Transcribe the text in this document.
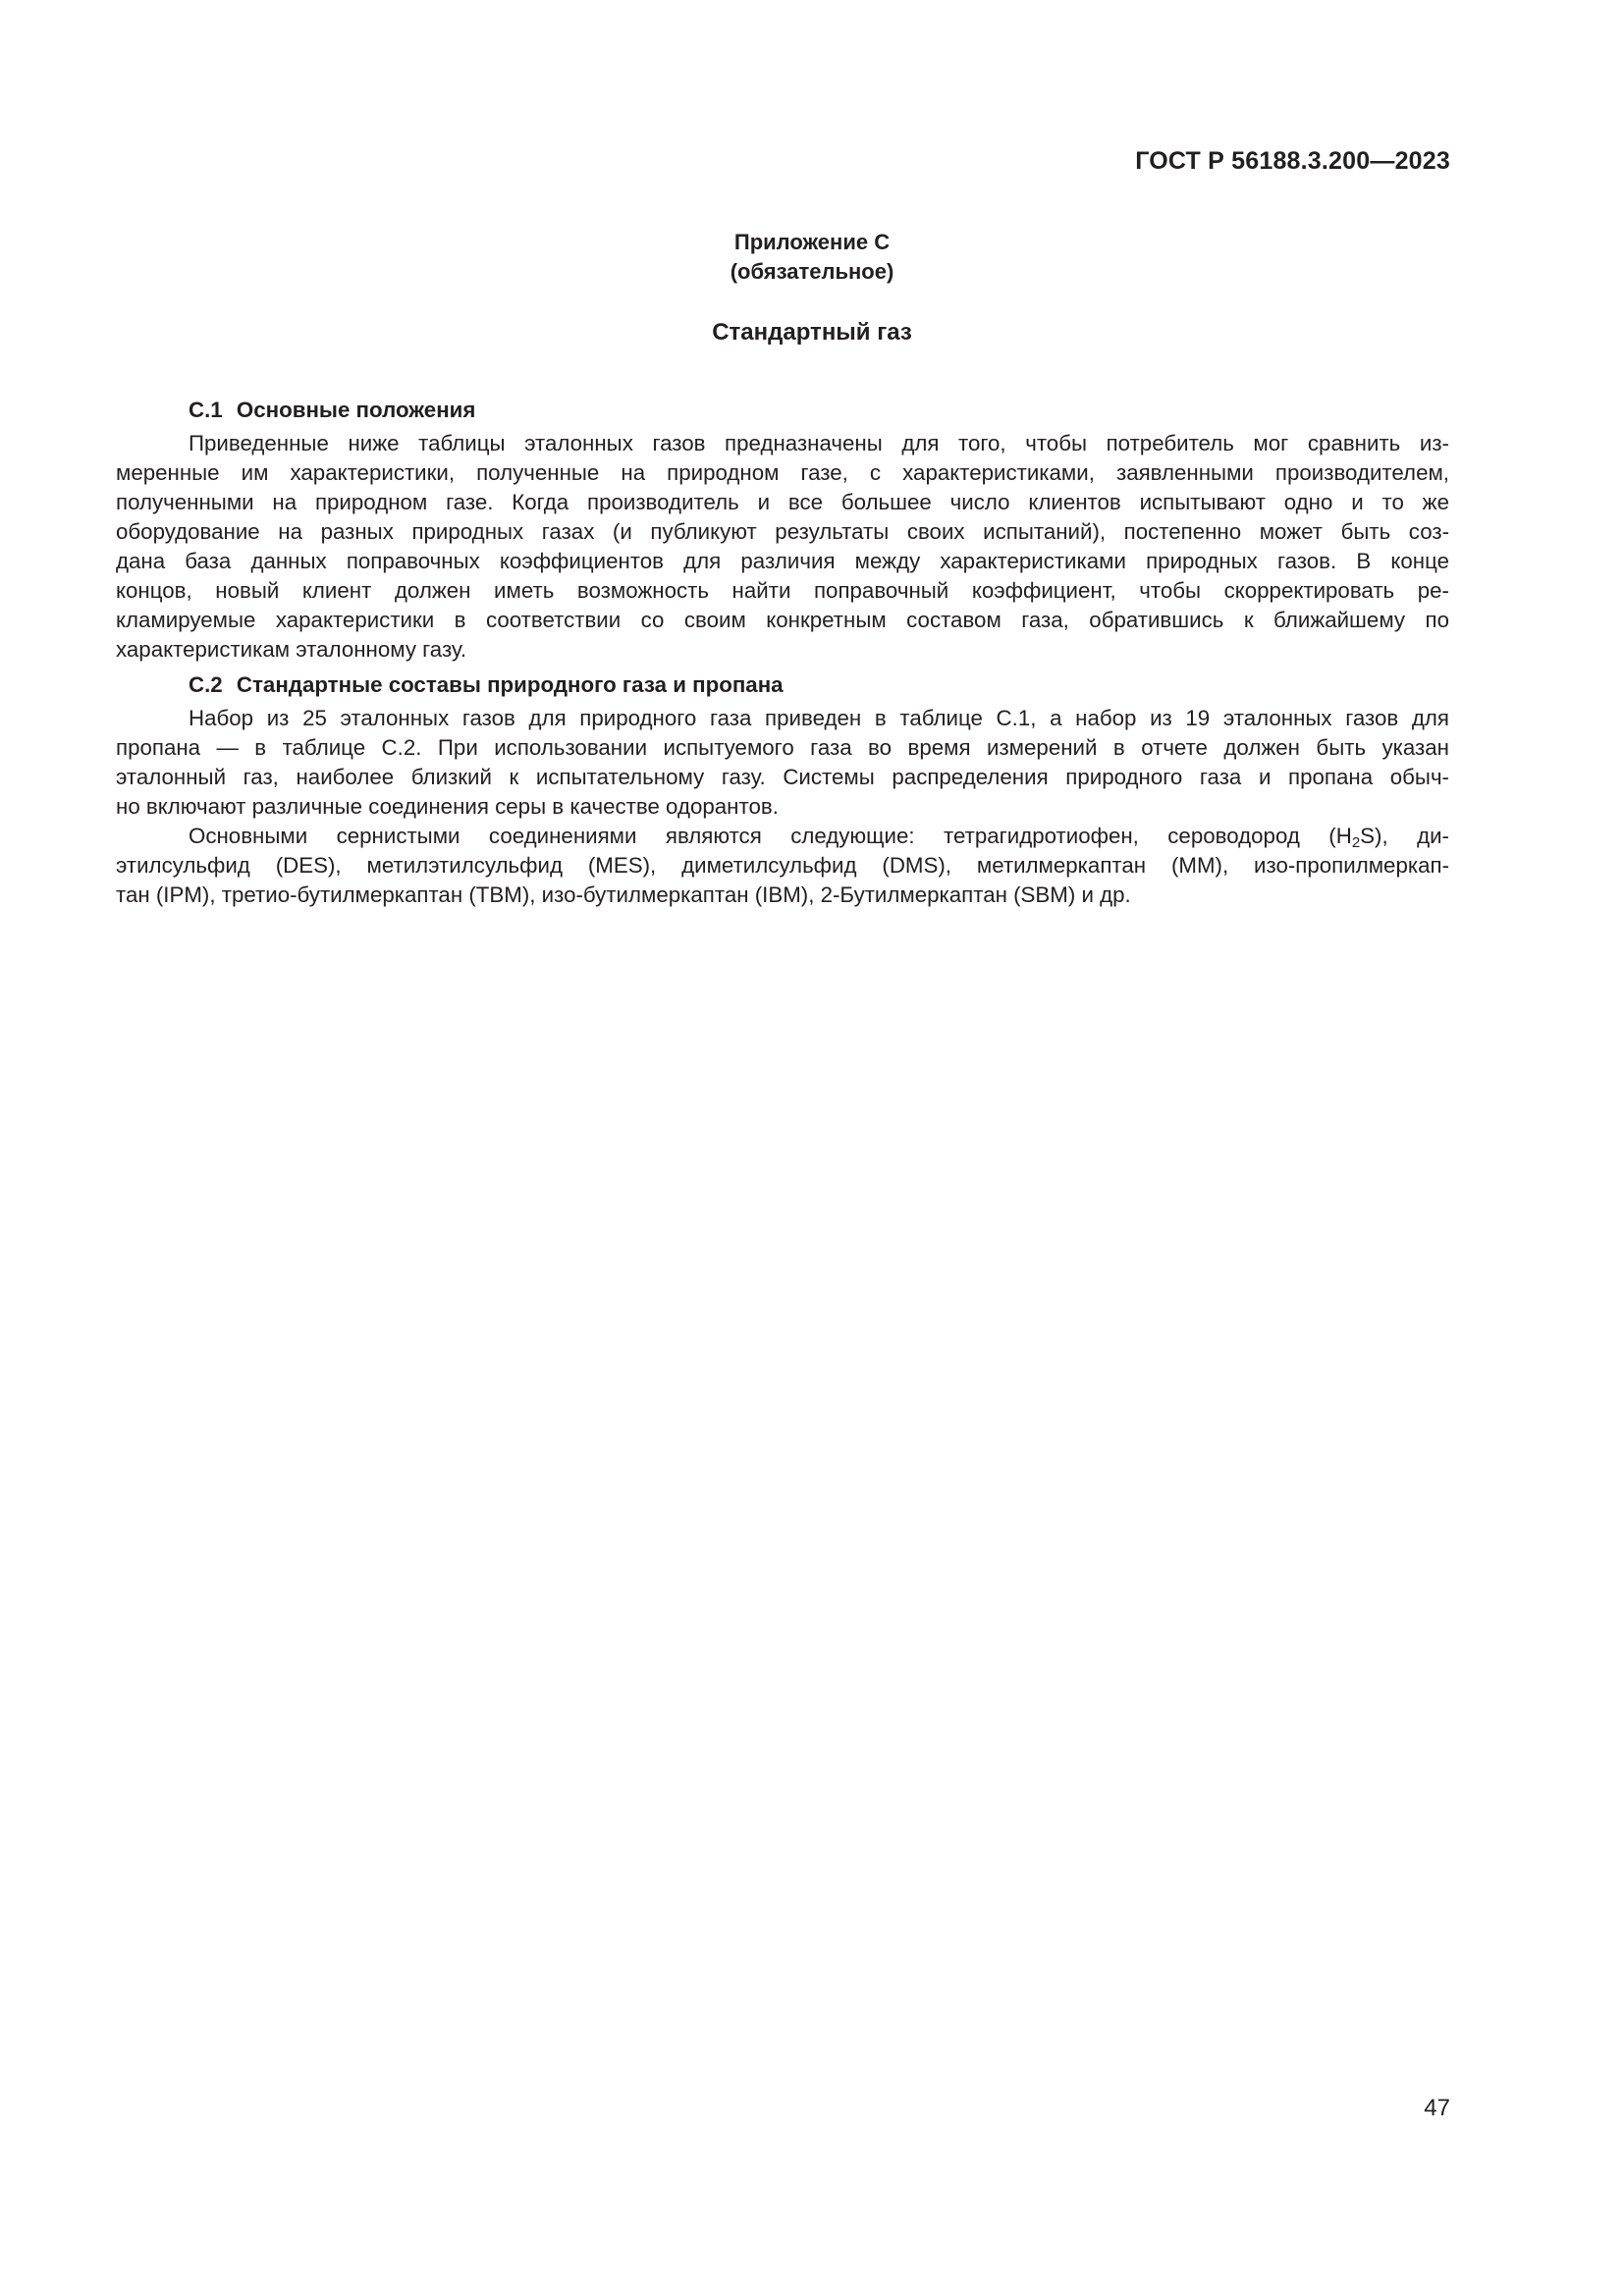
ГОСТ Р 56188.3.200—2023
Приложение С
(обязательное)
Стандартный газ
С.1 Основные положения
Приведенные ниже таблицы эталонных газов предназначены для того, чтобы потребитель мог сравнить из-
меренные им характеристики, полученные на природном газе, с характеристиками, заявленными производителем,
полученными на природном газе. Когда производитель и все большее число клиентов испытывают одно и то же
оборудование на разных природных газах (и публикуют результаты своих испытаний), постепенно может быть соз-
дана база данных поправочных коэффициентов для различия между характеристиками природных газов. В конце
концов, новый клиент должен иметь возможность найти поправочный коэффициент, чтобы скорректировать ре-
кламируемые характеристики в соответствии со своим конкретным составом газа, обратившись к ближайшему по
характеристикам эталонному газу.
С.2 Стандартные составы природного газа и пропана
Набор из 25 эталонных газов для природного газа приведен в таблице С.1, а набор из 19 эталонных газов для
пропана — в таблице С.2. При использовании испытуемого газа во время измерений в отчете должен быть указан
эталонный газ, наиболее близкий к испытательному газу. Системы распределения природного газа и пропана обыч-
но включают различные соединения серы в качестве одорантов.
Основными сернистыми соединениями являются следующие: тетрагидротиофен, сероводород $(H_2S)$, ди-
этилсульфид (DES), метилэтилсульфид (MES), диметилсульфид (DMS), метилмеркаптан (MM), изо-пропилмеркап-
тан (IPM), третио-бутилмеркаптан (TBM), изо-бутилмеркаптан (IBM), 2-Бутилмеркаптан (SBM) и др.
47
